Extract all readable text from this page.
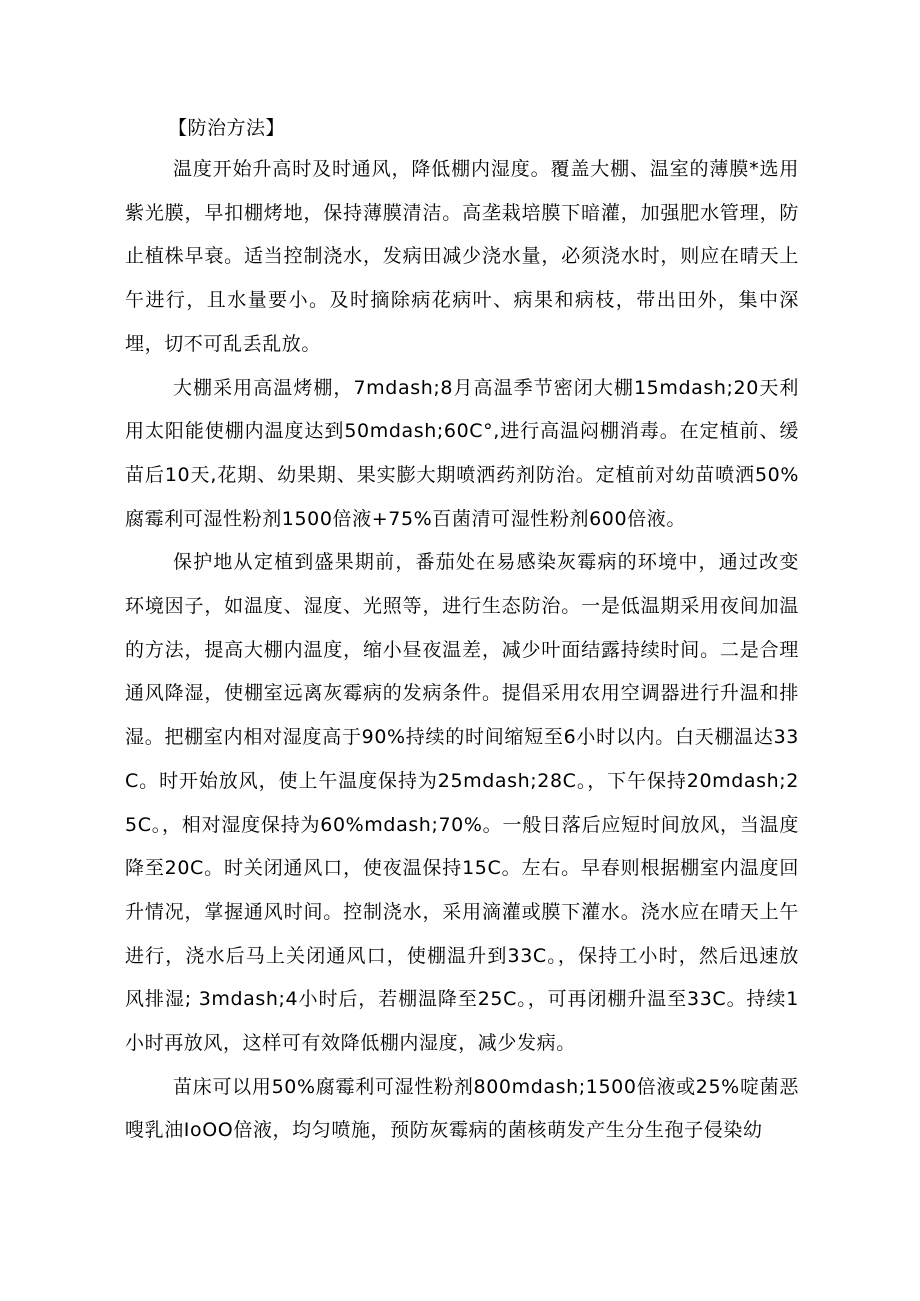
【防治方法】

温度开始升高时及时通风，降低棚内湿度。覆盖大棚、温室的薄膜*选用紫光膜，早扣棚烤地，保持薄膜清洁。高垄栽培膜下暗灌，加强肥水管理，防止植株早衰。适当控制浇水，发病田减少浇水量，必须浇水时，则应在晴天上午进行，且水量要小。及时摘除病花病叶、病果和病枝，带出田外，集中深埋，切不可乱丢乱放。

大棚采用高温烤棚，7mdash;8月高温季节密闭大棚15mdash;20天利用太阳能使棚内温度达到50mdash;60C°,进行高温闷棚消毒。在定植前、缓苗后10天,花期、幼果期、果实膨大期喷洒药剂防治。定植前对幼苗喷洒50%腐霉利可湿性粉剂1500倍液+75%百菌清可湿性粉剂600倍液。

保护地从定植到盛果期前，番茄处在易感染灰霉病的环境中，通过改变环境因子，如温度、湿度、光照等，进行生态防治。一是低温期采用夜间加温的方法，提高大棚内温度，缩小昼夜温差，减少叶面结露持续时间。二是合理通风降湿，使棚室远离灰霉病的发病条件。提倡采用农用空调器进行升温和排湿。把棚室内相对湿度高于90%持续的时间缩短至6小时以内。白天棚温达33C。时开始放风，使上午温度保持为25mdash;28C。，下午保持20mdash;25C。，相对湿度保持为60%mdash;70%。一般日落后应短时间放风，当温度降至20C。时关闭通风口，使夜温保持15C。左右。早春则根据棚室内温度回升情况，掌握通风时间。控制浇水，采用滴灌或膜下灌水。浇水应在晴天上午进行，浇水后马上关闭通风口，使棚温升到33C。，保持工小时，然后迅速放风排湿; 3mdash;4小时后，若棚温降至25C。，可再闭棚升温至33C。持续1小时再放风，这样可有效降低棚内湿度，减少发病。

苗床可以用50%腐霉利可湿性粉剂800mdash;1500倍液或25%啶菌恶嗖乳油IoOO倍液，均匀喷施，预防灰霉病的菌核萌发产生分生孢子侵染幼
